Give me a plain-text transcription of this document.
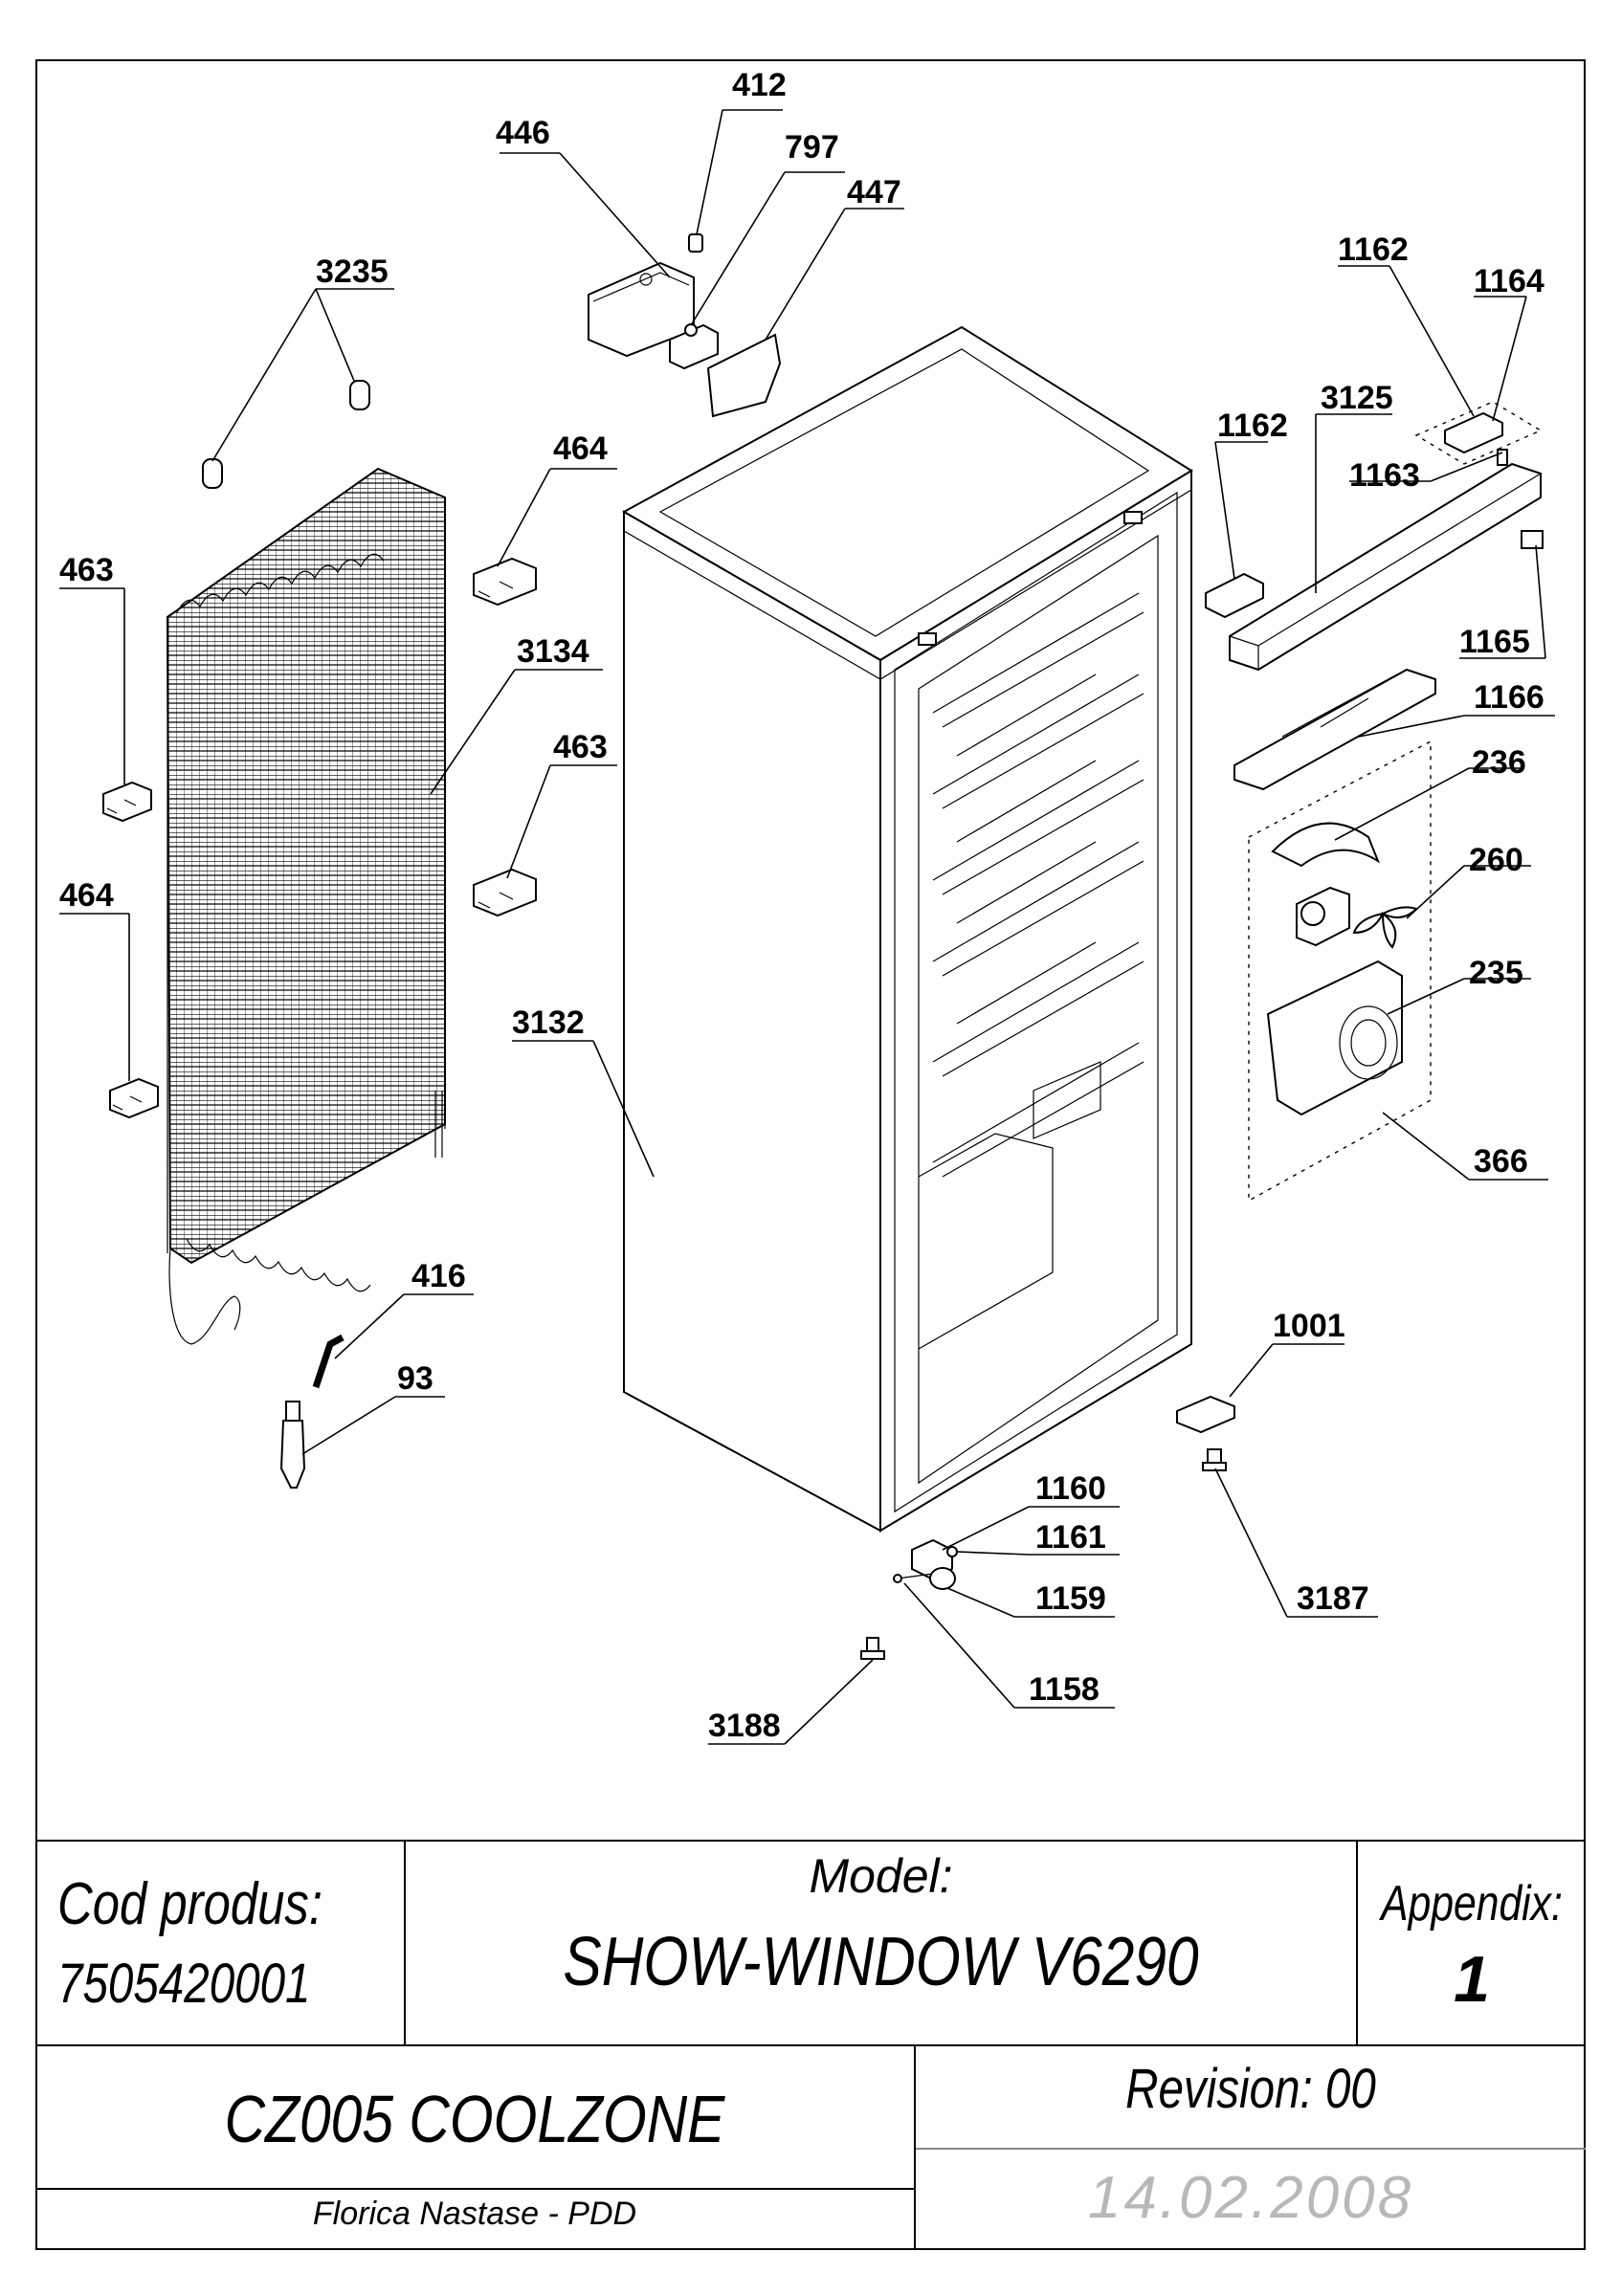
412
446	797
447
3235
1162
1164
1162
3125
1163
464
463
3134	1165
1166
463	236
464
260
235
3132
366
416
1001
93
1160
1161
3187
1159
1158
3188
Cod produs:
7505420001
Model:
SHOW-WINDOW V6290
Appendix:
1
CZ005 COOLZONE
Florica Nastase - PDD
Revision: 00
14.02.2008
